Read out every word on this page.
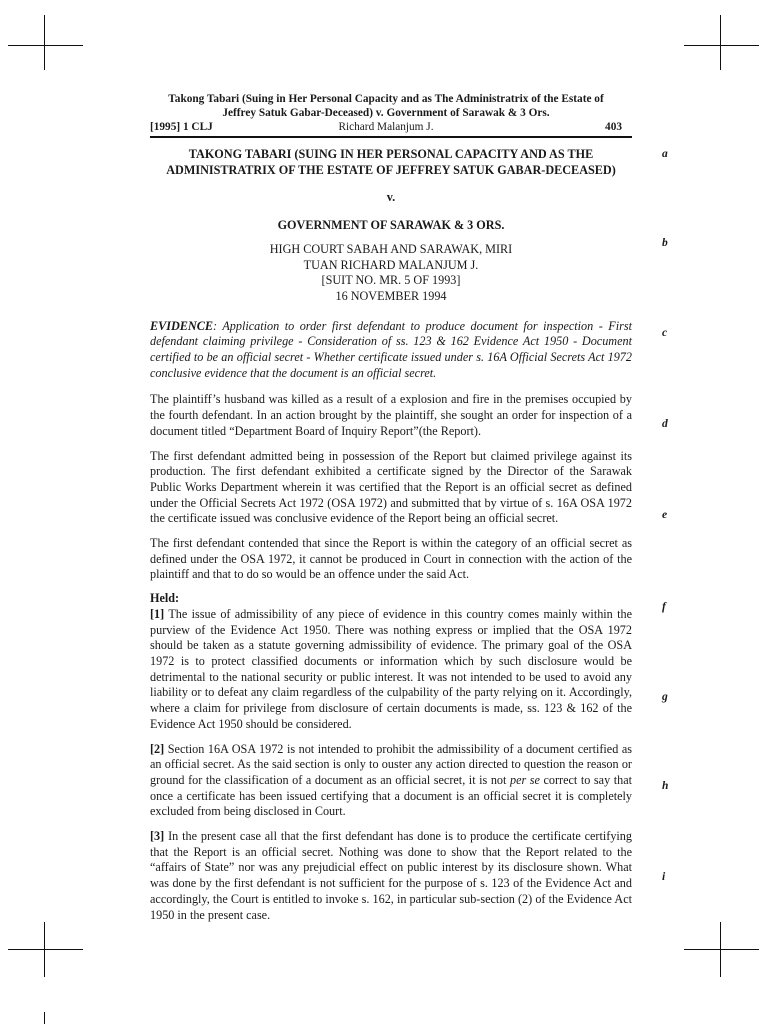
Takong Tabari (Suing in Her Personal Capacity and as The Administratrix of the Estate of
Jeffrey Satuk Gabar-Deceased) v. Government of Sarawak & 3 Ors.
[1995] 1 CLJ	Richard Malanjum J.	403

TAKONG TABARI (SUING IN HER PERSONAL CAPACITY AND AS THE

ADMINISTRATRIX OF THE ESTATE OF JEFFREY SATUK GABAR-DECEASED)

v.

GOVERNMENT OF SARAWAK & 3 ORS.

HIGH COURT SABAH AND SARAWAK, MIRI

TUAN RICHARD MALANJUM J.

[SUIT NO. MR. 5 OF 1993]

16 NOVEMBER 1994

EVIDENCE: Application to order first defendant to produce document for inspection - First defendant claiming privilege - Consideration of ss. 123 & 162 Evidence Act 1950 - Document certified to be an official secret - Whether certificate issued under s. 16A Official Secrets Act 1972 conclusive evidence that the document is an official secret.

The plaintiff’s husband was killed as a result of a explosion and fire in the premises occupied by the fourth defendant. In an action brought by the plaintiff, she sought an order for inspection of a document titled “Department Board of Inquiry Report”(the Report).

The first defendant admitted being in possession of the Report but claimed privilege against its production. The first defendant exhibited a certificate signed by the Director of the Sarawak Public Works Department wherein it was certified that the Report is an official secret as defined under the Official Secrets Act 1972 (OSA 1972) and submitted that by virtue of s. 16A OSA 1972 the certificate issued was conclusive evidence of the Report being an official secret.

The first defendant contended that since the Report is within the category of an official secret as defined under the OSA 1972, it cannot be produced in Court in connection with the action of the plaintiff and that to do so would be an offence under the said Act.

Held:

[1] The issue of admissibility of any piece of evidence in this country comes mainly within the purview of the Evidence Act 1950. There was nothing express or implied that the OSA 1972 should be taken as a statute governing admissibility of evidence. The primary goal of the OSA 1972 is to protect classified documents or information which by such disclosure would be detrimental to the national security or public interest. It was not intended to be used to avoid any liability or to defeat any claim regardless of the culpability of the party relying on it. Accordingly, where a claim for privilege from disclosure of certain documents is made, ss. 123 & 162 of the Evidence Act 1950 should be considered.

[2] Section 16A OSA 1972 is not intended to prohibit the admissibility of a document certified as an official secret. As the said section is only to ouster any action directed to question the reason or ground for the classification of a document as an official secret, it is not per se correct to say that once a certificate has been issued certifying that a document is an official secret it is completely excluded from being disclosed in Court.

[3] In the present case all that the first defendant has done is to produce the certificate certifying that the Report is an official secret. Nothing was done to show that the Report related to the “affairs of State” nor was any prejudicial effect on public interest by its disclosure shown. What was done by the first defendant is not sufficient for the purpose of s. 123 of the Evidence Act and accordingly, the Court is entitled to invoke s. 162, in particular sub-section (2) of the Evidence Act 1950 in the present case.

a
b
c
d
e
f
g
h
i
